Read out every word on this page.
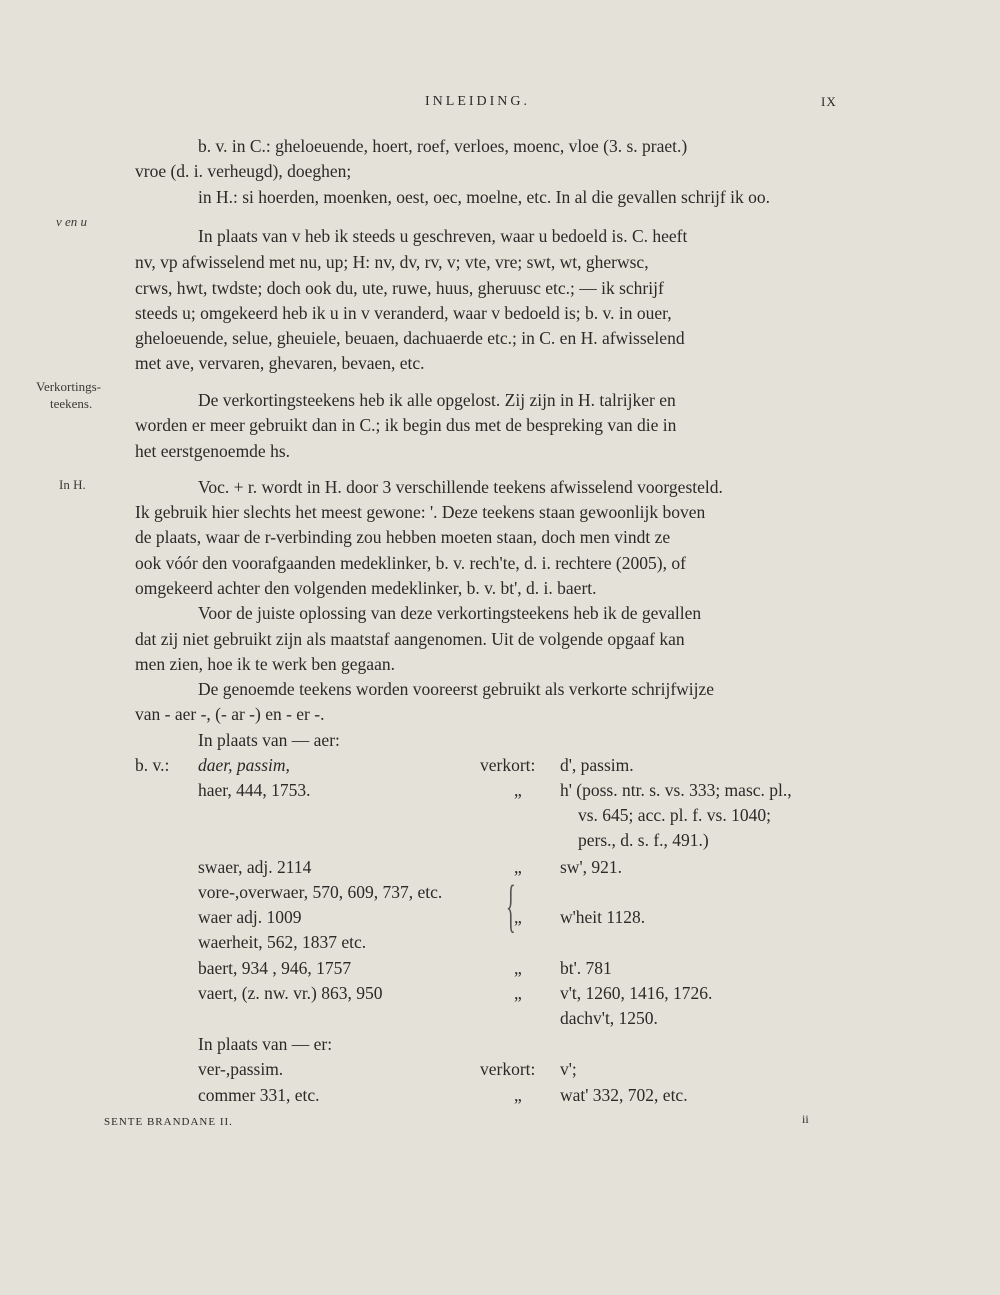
INLEIDING.	IX
v en u
Verkortings-
teekens.
In H.
b. v. in C.: gheloeuende, hoert, roef, verloes, moenc, vloe (3. s. praet.)
vroe (d. i. verheugd), doeghen;
in H.: si hoerden, moenken, oest, oec, moelne, etc. In al die gevallen schrijf ik oo.
In plaats van v heb ik steeds u geschreven, waar u bedoeld is. C. heeft
nv, vp afwisselend met nu, up; H: nv, dv, rv, v; vte, vre; swt, wt, gherwsc,
crws, hwt, twdste; doch ook du, ute, ruwe, huus, gheruusc etc.; — ik schrijf
steeds u; omgekeerd heb ik u in v veranderd, waar v bedoeld is; b. v. in ouer,
gheloeuende, selue, gheuiele, beuaen, dachuaerde etc.; in C. en H. afwisselend
met ave, vervaren, ghevaren, bevaen, etc.
De verkortingsteekens heb ik alle opgelost. Zij zijn in H. talrijker en
worden er meer gebruikt dan in C.; ik begin dus met de bespreking van die in
het eerstgenoemde hs.
Voc. + r. wordt in H. door 3 verschillende teekens afwisselend voorgesteld.
Ik gebruik hier slechts het meest gewone: '. Deze teekens staan gewoonlijk boven
de plaats, waar de r-verbinding zou hebben moeten staan, doch men vindt ze
ook vóór den voorafgaanden medeklinker, b. v. rech'te, d. i. rechtere (2005), of
omgekeerd achter den volgenden medeklinker, b. v. bt', d. i. baert.
Voor de juiste oplossing van deze verkortingsteekens heb ik de gevallen
dat zij niet gebruikt zijn als maatstaf aangenomen. Uit de volgende opgaaf kan
men zien, hoe ik te werk ben gegaan.
De genoemde teekens worden vooreerst gebruikt als verkorte schrijfwijze
van - aer -, (- ar -) en - er -.
In plaats van — aer:
b. v.: daer, passim,	verkort: d', passim.
haer, 444, 1753.	„ h' (poss. ntr. s. vs. 333; masc. pl.,
vs. 645; acc. pl. f. vs. 1040;
pers., d. s. f., 491.)
swaer, adj. 2114	„ sw', 921.
vore-,overwaer, 570, 609, 737, etc. {
waer adj. 1009	„ w'heit 1128.
waerheit, 562, 1837 etc.
baert, 934 , 946, 1757	„ bt'. 781
vaert, (z. nw. vr.) 863, 950	„ v't, 1260, 1416, 1726.
dachv't, 1250.
In plaats van — er:
ver-,passim.	verkort: v';
commer 331, etc.	„ wat' 332, 702, etc.
SENTE BRANDANE II.	ii
